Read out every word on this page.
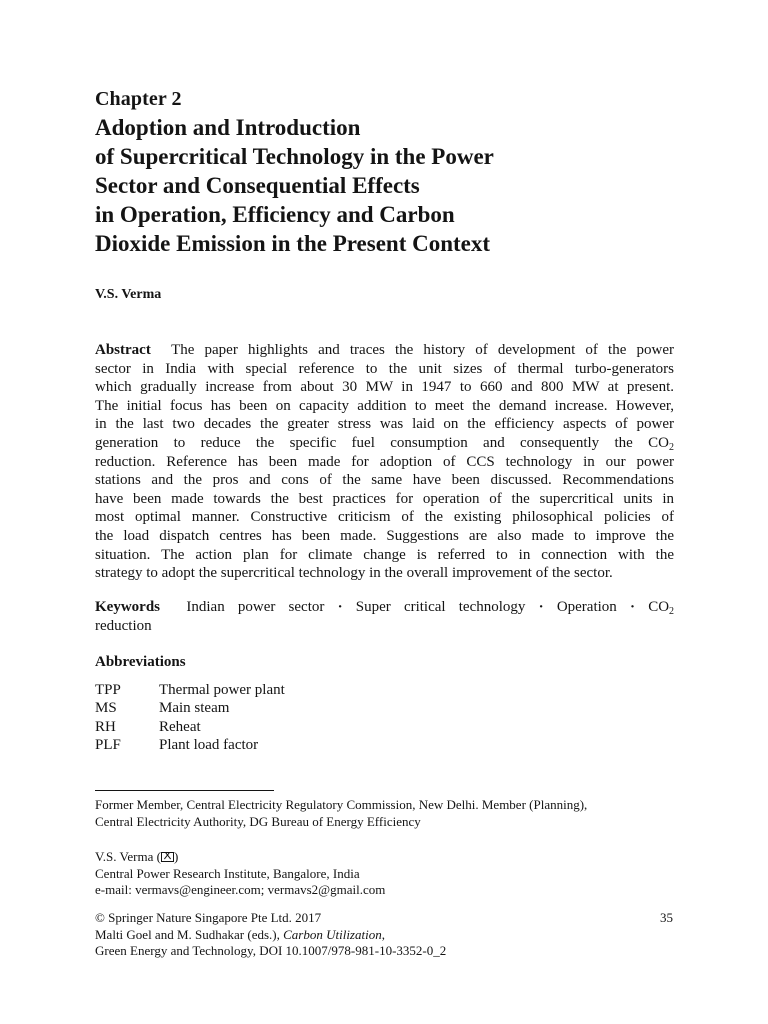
Chapter 2
Adoption and Introduction
of Supercritical Technology in the Power
Sector and Consequential Effects
in Operation, Efficiency and Carbon
Dioxide Emission in the Present Context
V.S. Verma
Abstract The paper highlights and traces the history of development of the power
sector in India with special reference to the unit sizes of thermal turbo-generators
which gradually increase from about 30 MW in 1947 to 660 and 800 MW at present.
The initial focus has been on capacity addition to meet the demand increase. However,
in the last two decades the greater stress was laid on the efficiency aspects of power
generation to reduce the specific fuel consumption and consequently the $CO_2$
reduction. Reference has been made for adoption of CCS technology in our power
stations and the pros and cons of the same have been discussed. Recommendations
have been made towards the best practices for operation of the supercritical units in
most optimal manner. Constructive criticism of the existing philosophical policies of
the load dispatch centres has been made. Suggestions are also made to improve the
situation. The action plan for climate change is referred to in connection with the
strategy to adopt the supercritical technology in the overall improvement of the sector.
Keywords Indian power sector · Super critical technology · Operation · $CO_2$
reduction
Abbreviations
TPP	Thermal power plant
MS	Main steam
RH	Reheat
PLF	Plant load factor
Former Member, Central Electricity Regulatory Commission, New Delhi. Member (Planning),
Central Electricity Authority, DG Bureau of Energy Efficiency
V.S. Verma ( )
Central Power Research Institute, Bangalore, India
e-mail: vermavs@engineer.com; vermavs2@gmail.com
© Springer Nature Singapore Pte Ltd. 2017
Malti Goel and M. Sudhakar (eds.), Carbon Utilization,
Green Energy and Technology, DOI 10.1007/978-981-10-3352-0_2
35
